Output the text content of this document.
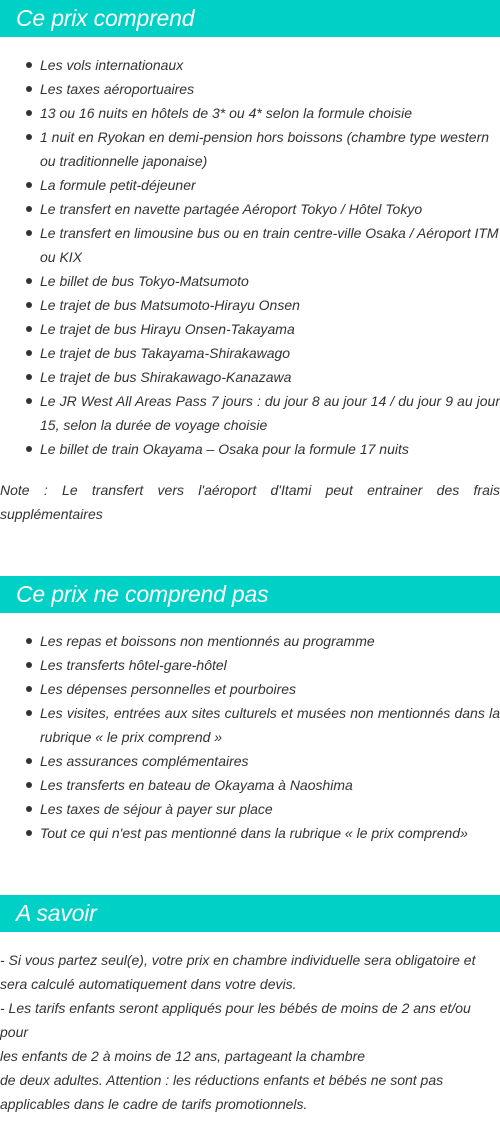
Ce prix comprend
Les vols internationaux
Les taxes aéroportuaires
13 ou 16 nuits en hôtels de 3* ou 4* selon la formule choisie
1 nuit en Ryokan en demi-pension hors boissons (chambre type western ou traditionnelle japonaise)
La formule petit-déjeuner
Le transfert en navette partagée Aéroport Tokyo / Hôtel Tokyo
Le transfert en limousine bus ou en train centre-ville Osaka / Aéroport ITM ou KIX
Le billet de bus Tokyo-Matsumoto
Le trajet de bus Matsumoto-Hirayu Onsen
Le trajet de bus Hirayu Onsen-Takayama
Le trajet de bus Takayama-Shirakawago
Le trajet de bus Shirakawago-Kanazawa
Le JR West All Areas Pass 7 jours : du jour 8 au jour 14 / du jour 9 au jour 15, selon la durée de voyage choisie
Le billet de train Okayama – Osaka pour la formule 17 nuits

Note : Le transfert vers l'aéroport d'Itami peut entrainer des frais supplémentaires

Ce prix ne comprend pas
Les repas et boissons non mentionnés au programme
Les transferts hôtel-gare-hôtel
Les dépenses personnelles et pourboires
Les visites, entrées aux sites culturels et musées non mentionnés dans la rubrique « le prix comprend »
Les assurances complémentaires
Les transferts en bateau de Okayama à Naoshima
Les taxes de séjour à payer sur place
Tout ce qui n'est pas mentionné dans la rubrique « le prix comprend»
A savoir
- Si vous partez seul(e), votre prix en chambre individuelle sera obligatoire et
sera calculé automatiquement dans votre devis.
- Les tarifs enfants seront appliqués pour les bébés de moins de 2 ans et/ou pour
les enfants de 2 à moins de 12 ans, partageant la chambre
de deux adultes. Attention : les réductions enfants et bébés ne sont pas
applicables dans le cadre de tarifs promotionnels.
